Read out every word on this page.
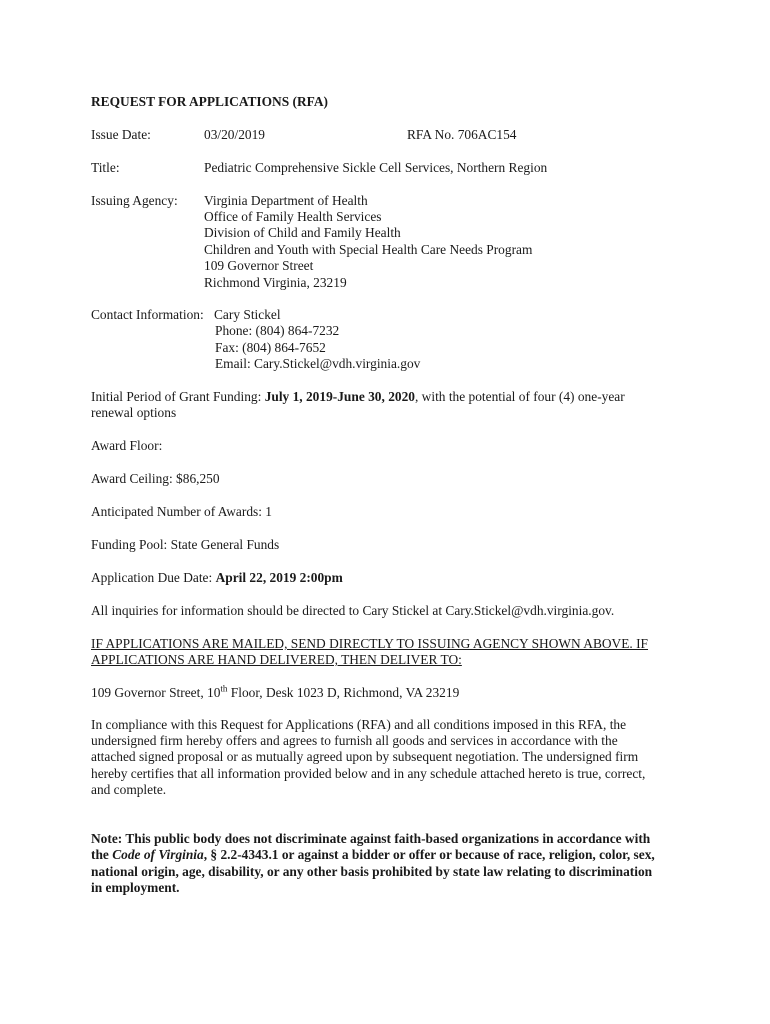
REQUEST FOR APPLICATIONS (RFA)
Issue Date:	03/20/2019	RFA No. 706AC154
Title:	Pediatric Comprehensive Sickle Cell Services, Northern Region
Issuing Agency: Virginia Department of Health
Office of Family Health Services
Division of Child and Family Health
Children and Youth with Special Health Care Needs Program
109 Governor Street
Richmond Virginia, 23219
Contact Information: Cary Stickel
Phone: (804) 864-7232
Fax: (804) 864-7652
Email: Cary.Stickel@vdh.virginia.gov
Initial Period of Grant Funding: July 1, 2019-June 30, 2020, with the potential of four (4) one-year
renewal options
Award Floor:
Award Ceiling: $86,250
Anticipated Number of Awards: 1
Funding Pool: State General Funds
Application Due Date: April 22, 2019 2:00pm
All inquiries for information should be directed to Cary Stickel at Cary.Stickel@vdh.virginia.gov.
IF APPLICATIONS ARE MAILED, SEND DIRECTLY TO ISSUING AGENCY SHOWN ABOVE. IF
APPLICATIONS ARE HAND DELIVERED, THEN DELIVER TO:
109 Governor Street, 10th Floor, Desk 1023 D, Richmond, VA 23219
In compliance with this Request for Applications (RFA) and all conditions imposed in this RFA, the
undersigned firm hereby offers and agrees to furnish all goods and services in accordance with the
attached signed proposal or as mutually agreed upon by subsequent negotiation. The undersigned firm
hereby certifies that all information provided below and in any schedule attached hereto is true, correct,
and complete.
Note: This public body does not discriminate against faith-based organizations in accordance with
the Code of Virginia, § 2.2-4343.1 or against a bidder or offer or because of race, religion, color, sex,
national origin, age, disability, or any other basis prohibited by state law relating to discrimination
in employment.
